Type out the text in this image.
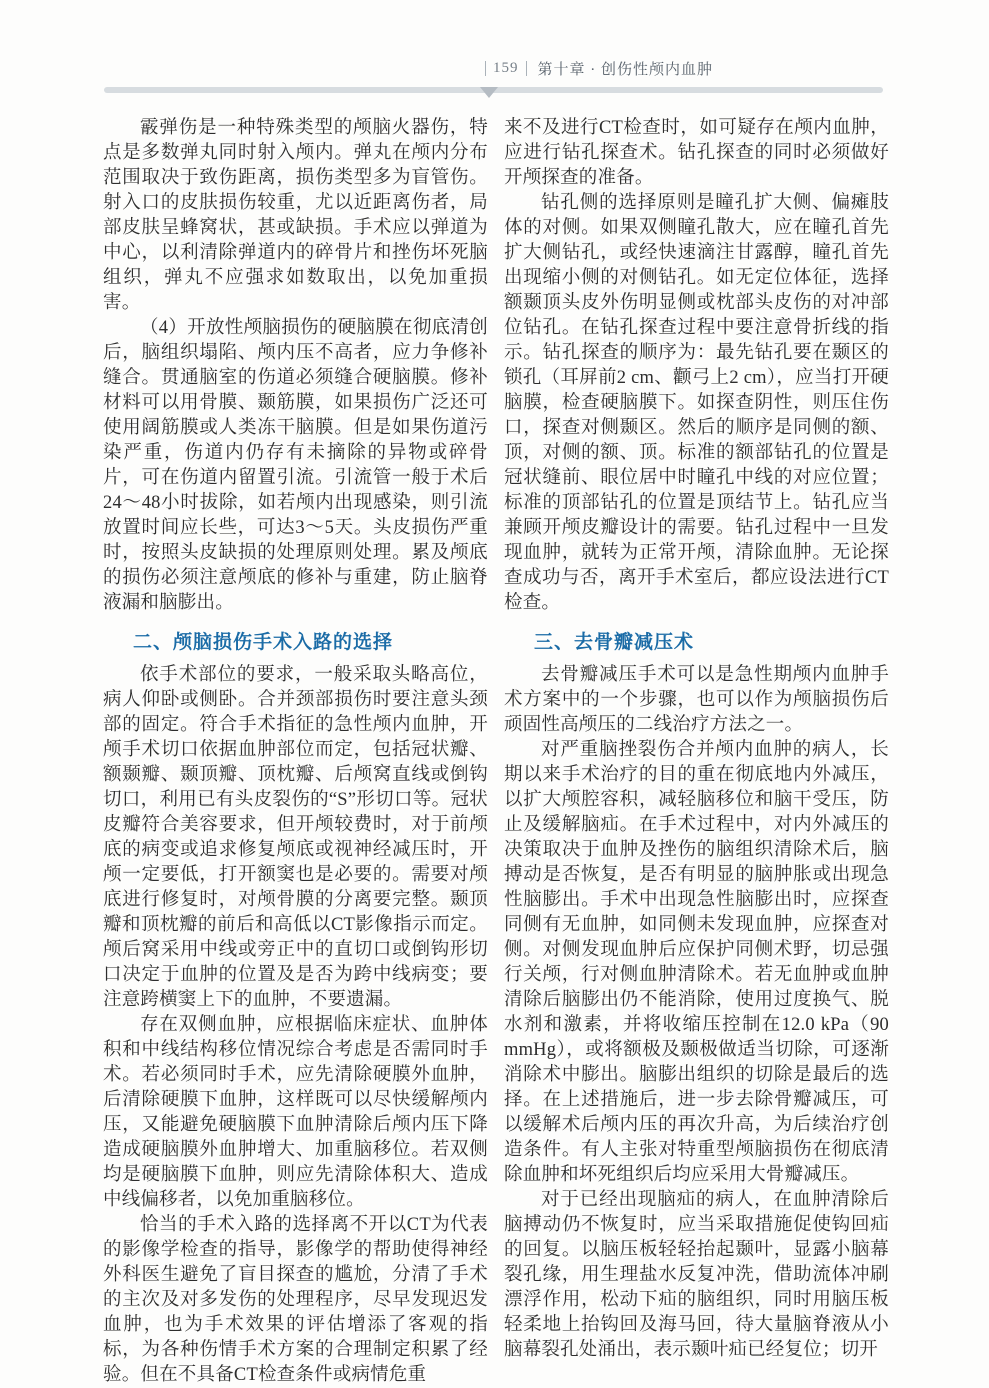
159 第十章 · 创伤性颅内血肿

霰弹伤是一种特殊类型的颅脑火器伤，特点是多数弹丸同时射入颅内。弹丸在颅内分布范围取决于致伤距离，损伤类型多为盲管伤。射入口的皮肤损伤较重，尤以近距离伤者，局部皮肤呈蜂窝状，甚或缺损。手术应以弹道为中心，以利清除弹道内的碎骨片和挫伤坏死脑组织，弹丸不应强求如数取出，以免加重损害。

（4）开放性颅脑损伤的硬脑膜在彻底清创后，脑组织塌陷、颅内压不高者，应力争修补缝合。贯通脑室的伤道必须缝合硬脑膜。修补材料可以用骨膜、颞筋膜，如果损伤广泛还可使用阔筋膜或人类冻干脑膜。但是如果伤道污染严重，伤道内仍存有未摘除的异物或碎骨片，可在伤道内留置引流。引流管一般于术后24～48小时拔除，如若颅内出现感染，则引流放置时间应长些，可达3～5天。头皮损伤严重时，按照头皮缺损的处理原则处理。累及颅底的损伤必须注意颅底的修补与重建，防止脑脊液漏和脑膨出。

二、颅脑损伤手术入路的选择

依手术部位的要求，一般采取头略高位，病人仰卧或侧卧。合并颈部损伤时要注意头颈部的固定。符合手术指征的急性颅内血肿，开颅手术切口依据血肿部位而定，包括冠状瓣、额颞瓣、颞顶瓣、顶枕瓣、后颅窝直线或倒钩切口，利用已有头皮裂伤的“S”形切口等。冠状皮瓣符合美容要求，但开颅较费时，对于前颅底的病变或追求修复颅底或视神经减压时，开颅一定要低，打开额窦也是必要的。需要对颅底进行修复时，对颅骨膜的分离要完整。颞顶瓣和顶枕瓣的前后和高低以CT影像指示而定。颅后窝采用中线或旁正中的直切口或倒钩形切口决定于血肿的位置及是否为跨中线病变；要注意跨横窦上下的血肿，不要遗漏。

存在双侧血肿，应根据临床症状、血肿体积和中线结构移位情况综合考虑是否需同时手术。若必须同时手术，应先清除硬膜外血肿，后清除硬膜下血肿，这样既可以尽快缓解颅内压，又能避免硬脑膜下血肿清除后颅内压下降造成硬脑膜外血肿增大、加重脑移位。若双侧均是硬脑膜下血肿，则应先清除体积大、造成中线偏移者，以免加重脑移位。

恰当的手术入路的选择离不开以CT为代表的影像学检查的指导，影像学的帮助使得神经外科医生避免了盲目探查的尴尬，分清了手术的主次及对多发伤的处理程序，尽早发现迟发血肿，也为手术效果的评估增添了客观的指标，为各种伤情手术方案的合理制定积累了经验。但在不具备CT检查条件或病情危重

来不及进行CT检查时，如可疑存在颅内血肿，应进行钻孔探查术。钻孔探查的同时必须做好开颅探查的准备。

钻孔侧的选择原则是瞳孔扩大侧、偏瘫肢体的对侧。如果双侧瞳孔散大，应在瞳孔首先扩大侧钻孔，或经快速滴注甘露醇，瞳孔首先出现缩小侧的对侧钻孔。如无定位体征，选择额颞顶头皮外伤明显侧或枕部头皮伤的对冲部位钻孔。在钻孔探查过程中要注意骨折线的指示。钻孔探查的顺序为：最先钻孔要在颞区的锁孔（耳屏前2 cm、颧弓上2 cm），应当打开硬脑膜，检查硬脑膜下。如探查阴性，则压住伤口，探查对侧颞区。然后的顺序是同侧的额、顶，对侧的额、顶。标准的额部钻孔的位置是冠状缝前、眼位居中时瞳孔中线的对应位置；标准的顶部钻孔的位置是顶结节上。钻孔应当兼顾开颅皮瓣设计的需要。钻孔过程中一旦发现血肿，就转为正常开颅，清除血肿。无论探查成功与否，离开手术室后，都应设法进行CT检查。

三、去骨瓣减压术

去骨瓣减压手术可以是急性期颅内血肿手术方案中的一个步骤，也可以作为颅脑损伤后顽固性高颅压的二线治疗方法之一。

对严重脑挫裂伤合并颅内血肿的病人，长期以来手术治疗的目的重在彻底地内外减压，以扩大颅腔容积，减轻脑移位和脑干受压，防止及缓解脑疝。在手术过程中，对内外减压的决策取决于血肿及挫伤的脑组织清除术后，脑搏动是否恢复，是否有明显的脑肿胀或出现急性脑膨出。手术中出现急性脑膨出时，应探查同侧有无血肿，如同侧未发现血肿，应探查对侧。对侧发现血肿后应保护同侧术野，切忌强行关颅，行对侧血肿清除术。若无血肿或血肿清除后脑膨出仍不能消除，使用过度换气、脱水剂和激素，并将收缩压控制在12.0 kPa（90 mmHg），或将额极及颞极做适当切除，可逐渐消除术中膨出。脑膨出组织的切除是最后的选择。在上述措施后，进一步去除骨瓣减压，可以缓解术后颅内压的再次升高，为后续治疗创造条件。有人主张对特重型颅脑损伤在彻底清除血肿和坏死组织后均应采用大骨瓣减压。

对于已经出现脑疝的病人，在血肿清除后脑搏动仍不恢复时，应当采取措施促使钩回疝的回复。以脑压板轻轻抬起颞叶，显露小脑幕裂孔缘，用生理盐水反复冲洗，借助流体冲刷漂浮作用，松动下疝的脑组织，同时用脑压板轻柔地上抬钩回及海马回，待大量脑脊液从小脑幕裂孔处涌出，表示颞叶疝已经复位；切开
